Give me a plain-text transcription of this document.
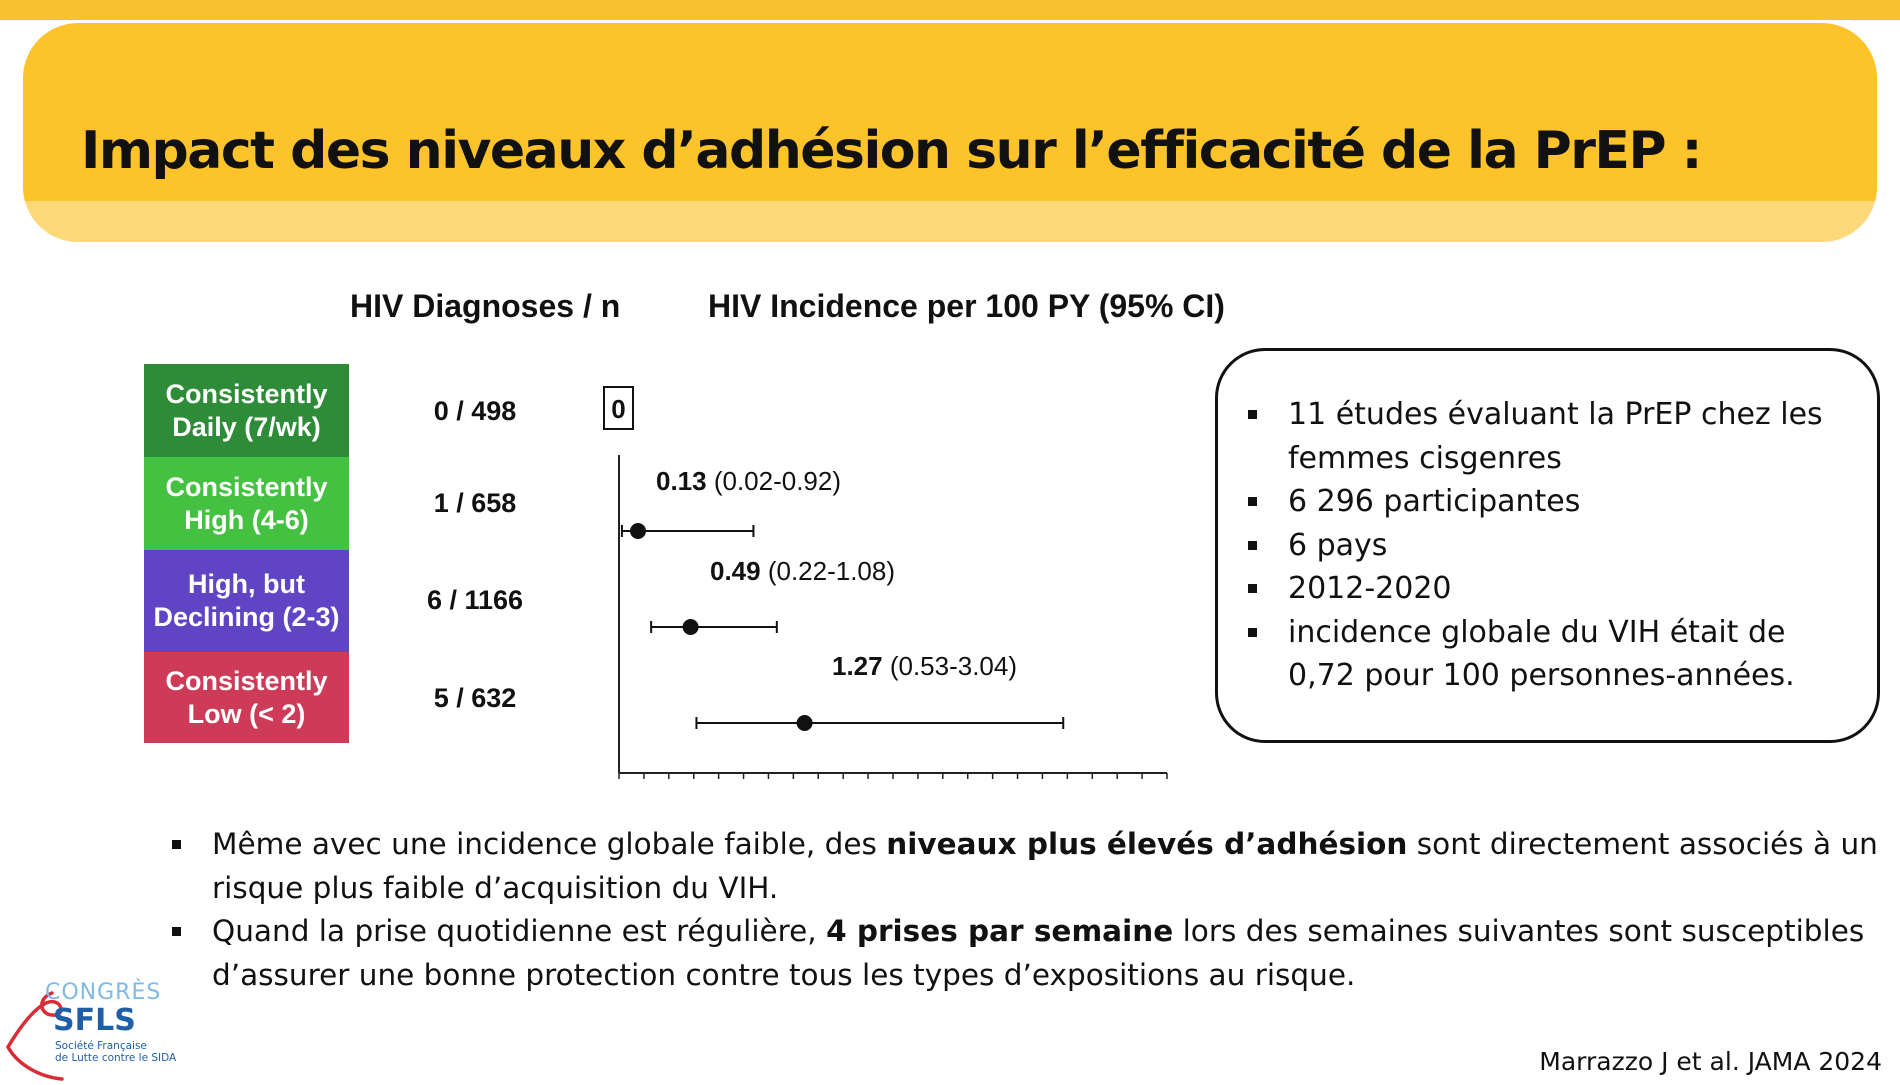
Impact des niveaux d’adhésion sur l’efficacité de la PrEP :
HIV Diagnoses / n	HIV Incidence per 100 PY (95% CI)
Consistently
Daily (7/wk)
Consistently
High (4-6)
High, but
Declining (2-3)
Consistently
Low (< 2)
0 / 498
1 / 658
6 / 1166
5 / 632
0
0.13 (0.02-0.92)
0.49 (0.22-1.08)
1.27 (0.53-3.04)
11 études évaluant la PrEP chez les femmes cisgenres
6 296 participantes
6 pays
2012-2020
incidence globale du VIH était de 0,72 pour 100 personnes-années.
Même avec une incidence globale faible, des niveaux plus élevés d’adhésion sont directement associés à un risque plus faible d’acquisition du VIH.
Quand la prise quotidienne est régulière, 4 prises par semaine lors des semaines suivantes sont susceptibles d’assurer une bonne protection contre tous les types d’expositions au risque.
Marrazzo J et al. JAMA 2024
CONGRÈS
SFLS
Société Française
de Lutte contre le SIDA
